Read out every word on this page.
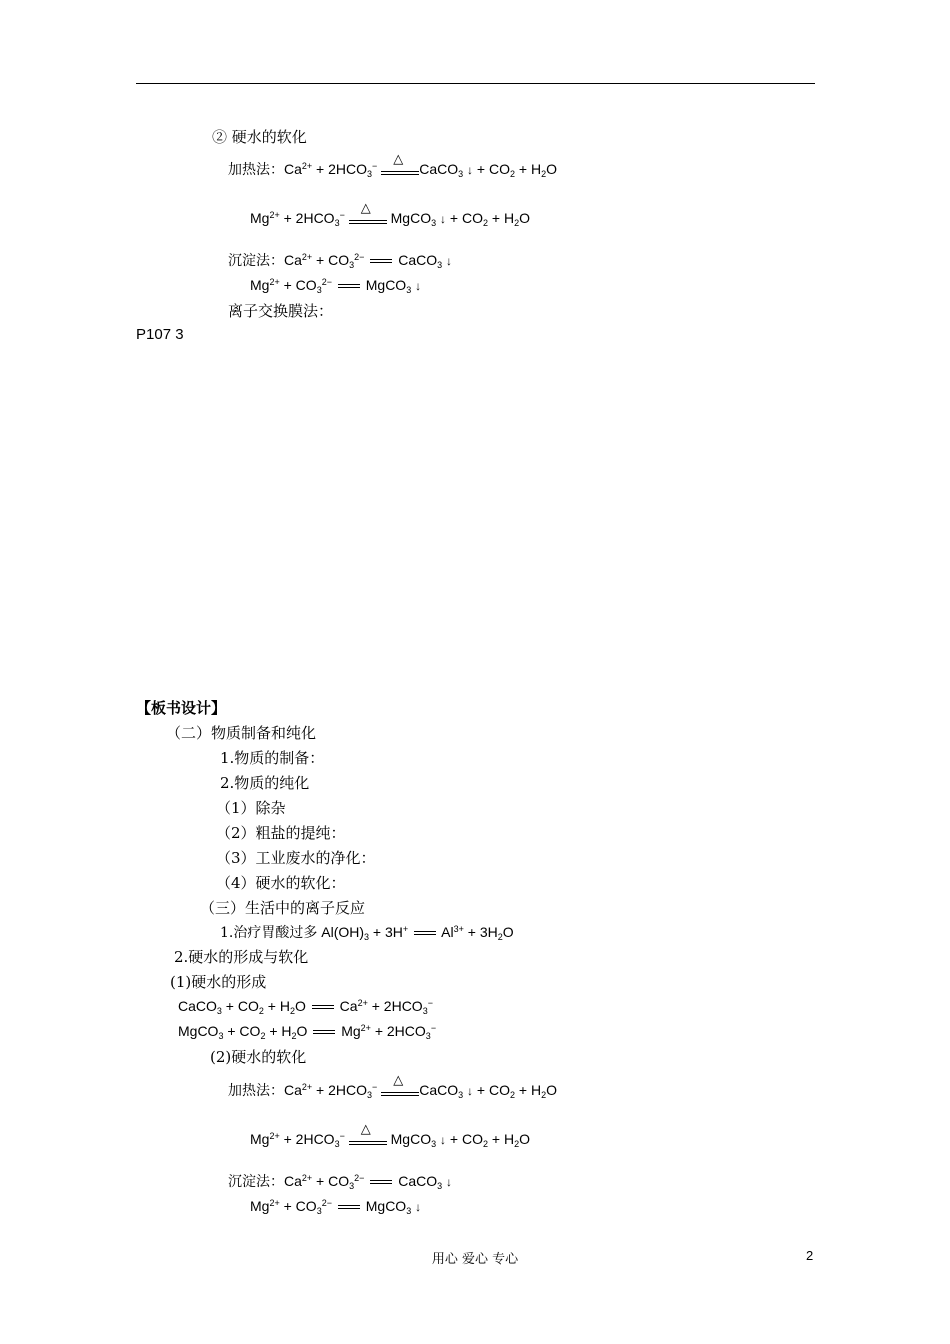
② 硬水的软化
加热法：$Ca^{2+} + 2HCO_3^-$ △
CaCO$_3$ ↓ + $CO_2 + H_2O$
$Mg^{2+} + 2HCO_3^-$ △
MgCO$_3$ ↓ + $CO_2 + H_2O$
沉淀法：$Ca^{2+} + CO_3^{2-}$
CaCO$_3$ ↓
$Mg^{2+} + CO_3^{2-}$
MgCO$_3$ ↓
离子交换膜法：
P107 3
【板书设计】
（二）物质制备和纯化
1.物质的制备：
2.物质的纯化
（1）除杂
（2）粗盐的提纯：
（3）工业废水的净化：
（4）硬水的软化：
（三）生活中的离子反应
1.治疗胃酸过多 $Al(OH)_3 + 3H^+$
$Al^{3+} + 3H_2O$
2.硬水的形成与软化
(1)硬水的形成
CaCO$_3$ + $CO_2 + H_2O$
$Ca^{2+} + 2HCO_3^-$
MgCO$_3$ + $CO_2 + H_2O$
$Mg^{2+} + 2HCO_3^-$
(2)硬水的软化
加热法：$Ca^{2+} + 2HCO_3^-$ △
CaCO$_3$ ↓ + $CO_2 + H_2O$
$Mg^{2+} + 2HCO_3^-$ △
MgCO$_3$ ↓ + $CO_2 + H_2O$
沉淀法：$Ca^{2+} + CO_3^{2-}$
CaCO$_3$ ↓
$Mg^{2+} + CO_3^{2-}$
MgCO$_3$ ↓
用心 爱心 专心	2
